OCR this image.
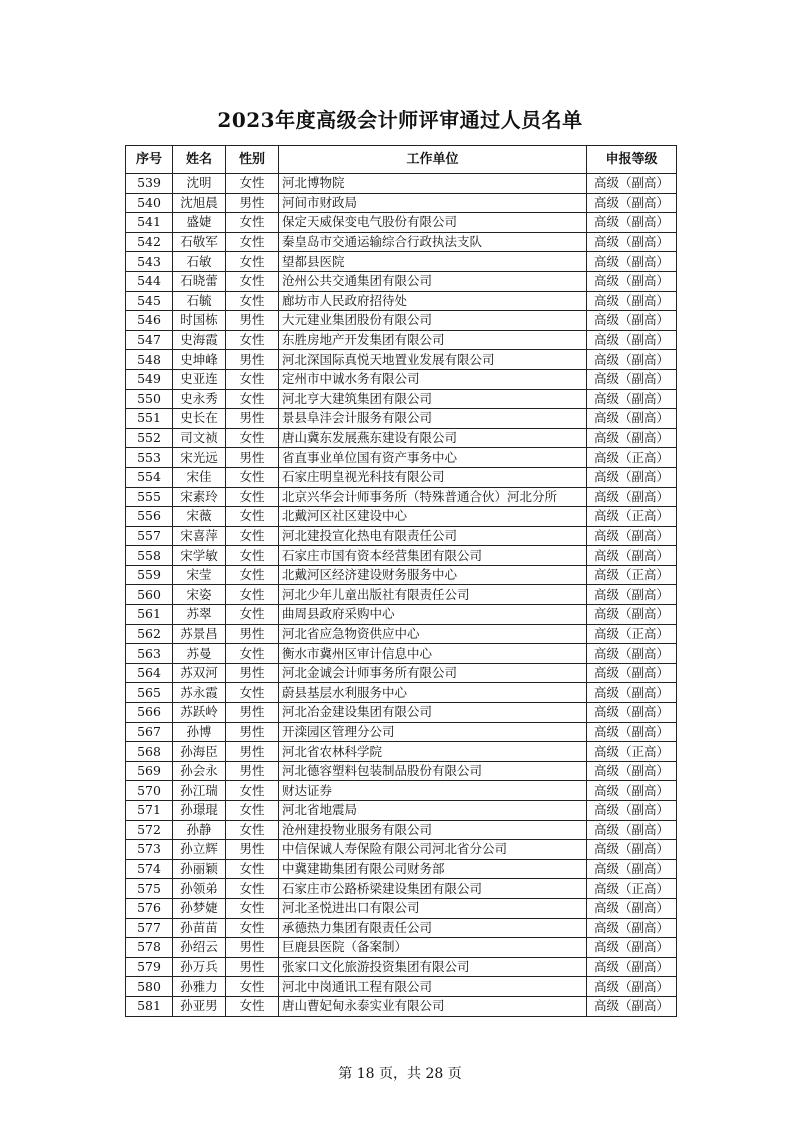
2023年度高级会计师评审通过人员名单
序号	姓名	性别	工作单位	申报等级
539	沈明	女性	河北博物院	高级（副高）
540	沈旭晨	男性	河间市财政局	高级（副高）
541	盛婕	女性	保定天威保变电气股份有限公司	高级（副高）
542	石敬军	女性	秦皇岛市交通运输综合行政执法支队	高级（副高）
543	石敏	女性	望都县医院	高级（副高）
544	石晓蕾	女性	沧州公共交通集团有限公司	高级（副高）
545	石毓	女性	廊坊市人民政府招待处	高级（副高）
546	时国栋	男性	大元建业集团股份有限公司	高级（副高）
547	史海霞	女性	东胜房地产开发集团有限公司	高级（副高）
548	史坤峰	男性	河北深国际真悦天地置业发展有限公司	高级（副高）
549	史亚连	女性	定州市中诚水务有限公司	高级（副高）
550	史永秀	女性	河北亨大建筑集团有限公司	高级（副高）
551	史长在	男性	景县阜沣会计服务有限公司	高级（副高）
552	司文祯	女性	唐山冀东发展燕东建设有限公司	高级（副高）
553	宋光远	男性	省直事业单位国有资产事务中心	高级（正高）
554	宋佳	女性	石家庄明皇视光科技有限公司	高级（副高）
555	宋素玲	女性	北京兴华会计师事务所（特殊普通合伙）河北分所	高级（副高）
556	宋薇	女性	北戴河区社区建设中心	高级（正高）
557	宋喜萍	女性	河北建投宣化热电有限责任公司	高级（副高）
558	宋学敏	女性	石家庄市国有资本经营集团有限公司	高级（副高）
559	宋莹	女性	北戴河区经济建设财务服务中心	高级（正高）
560	宋姿	女性	河北少年儿童出版社有限责任公司	高级（副高）
561	苏翠	女性	曲周县政府采购中心	高级（副高）
562	苏景昌	男性	河北省应急物资供应中心	高级（正高）
563	苏曼	女性	衡水市冀州区审计信息中心	高级（副高）
564	苏双河	男性	河北金诚会计师事务所有限公司	高级（副高）
565	苏永霞	女性	蔚县基层水利服务中心	高级（副高）
566	苏跃岭	男性	河北冶金建设集团有限公司	高级（副高）
567	孙博	男性	开滦园区管理分公司	高级（副高）
568	孙海臣	男性	河北省农林科学院	高级（正高）
569	孙会永	男性	河北德容塑料包装制品股份有限公司	高级（副高）
570	孙江瑞	女性	财达证券	高级（副高）
571	孙璟琨	女性	河北省地震局	高级（副高）
572	孙静	女性	沧州建投物业服务有限公司	高级（副高）
573	孙立辉	男性	中信保诚人寿保险有限公司河北省分公司	高级（副高）
574	孙丽颖	女性	中冀建勘集团有限公司财务部	高级（副高）
575	孙领弟	女性	石家庄市公路桥梁建设集团有限公司	高级（正高）
576	孙梦婕	女性	河北圣悦进出口有限公司	高级（副高）
577	孙苗苗	女性	承德热力集团有限责任公司	高级（副高）
578	孙绍云	男性	巨鹿县医院（备案制）	高级（副高）
579	孙万兵	男性	张家口文化旅游投资集团有限公司	高级（副高）
580	孙雅力	女性	河北中岗通讯工程有限公司	高级（副高）
581	孙亚男	女性	唐山曹妃甸永泰实业有限公司	高级（副高）
第 18 页，共 28 页
